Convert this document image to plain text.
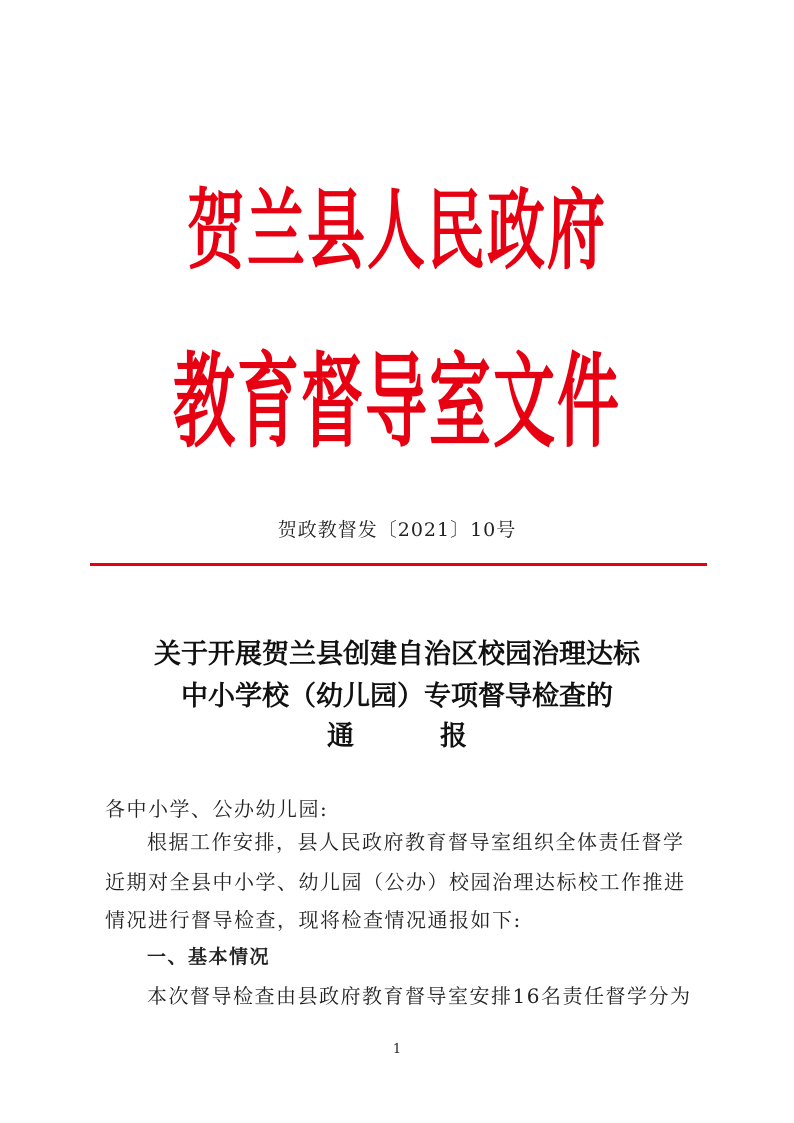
贺兰县人民政府
教育督导室文件
贺政教督发〔2021〕10号
关于开展贺兰县创建自治区校园治理达标
中小学校（幼儿园）专项督导检查的
通	报
各中小学、公办幼儿园:
根据工作安排，县人民政府教育督导室组织全体责任督学
近期对全县中小学、幼儿园（公办）校园治理达标校工作推进
情况进行督导检查，现将检查情况通报如下:
一、基本情况
本次督导检查由县政府教育督导室安排16名责任督学分为
1
